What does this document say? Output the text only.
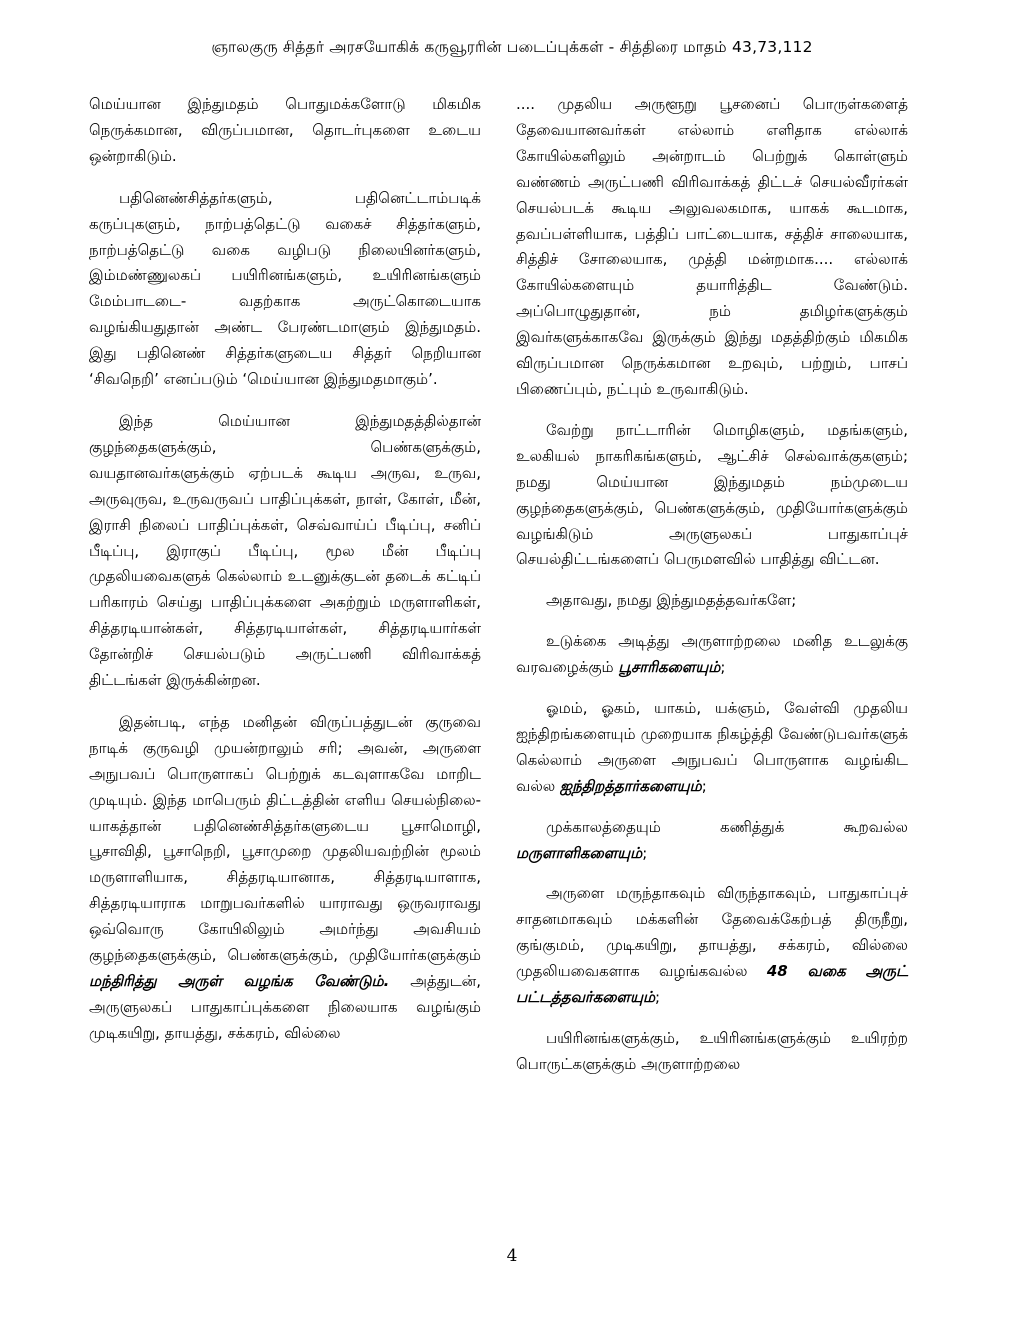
ஞாலகுரு சித்தர் அரசயோகிக் கருவூரரின் படைப்புக்கள் - சித்திரை மாதம் 43,73,112

மெய்யான இந்துமதம் பொதுமக்களோடு மிகமிக நெருக்கமான, விருப்பமான, தொடர்புகளை உடைய ஒன்றாகிடும்.

பதினெண்சித்தர்களும், பதினெட்டாம்படிக் கருப்புகளும், நாற்பத்தெட்டு வகைச் சித்தர்களும், நாற்பத்தெட்டு வகை வழிபடு நிலையினர்களும், இம்மண்ணுலகப் பயிரினங்களும், உயிரினங்களும் மேம்பாடடை- வதற்காக அருட்கொடையாக வழங்கியதுதான் அண்ட பேரண்டமாளும் இந்துமதம். இது பதினெண் சித்தர்களுடைய சித்தர் நெறியான ‘சிவநெறி’ எனப்படும் ‘மெய்யான இந்துமதமாகும்’.

இந்த மெய்யான இந்துமதத்தில்தான் குழந்தைகளுக்கும், பெண்களுக்கும், வயதானவர்களுக்கும் ஏற்படக் கூடிய அருவ, உருவ, அருவுருவ, உருவருவப் பாதிப்புக்கள், நாள், கோள், மீன், இராசி நிலைப் பாதிப்புக்கள், செவ்வாய்ப் பீடிப்பு, சனிப் பீடிப்பு, இராகுப் பீடிப்பு, மூல மீன் பீடிப்பு முதலியவைகளுக் கெல்லாம் உடனுக்குடன் தடைக் கட்டிப் பரிகாரம் செய்து பாதிப்புக்களை அகற்றும் மருளாளிகள், சித்தரடியான்கள், சித்தரடியாள்கள், சித்தரடியார்கள் தோன்றிச் செயல்படும் அருட்பணி விரிவாக்கத் திட்டங்கள் இருக்கின்றன.

இதன்படி, எந்த மனிதன் விருப்பத்துடன் குருவை நாடிக் குருவழி முயன்றாலும் சரி; அவன், அருளை அநுபவப் பொருளாகப் பெற்றுக் கடவுளாகவே மாறிட முடியும். இந்த மாபெரும் திட்டத்தின் எளிய செயல்நிலை- யாகத்தான் பதினெண்சித்தர்களுடைய பூசாமொழி, பூசாவிதி, பூசாநெறி, பூசாமுறை முதலியவற்றின் மூலம் மருளாளியாக, சித்தரடியானாக, சித்தரடியாளாக, சித்தரடியாராக மாறுபவர்களில் யாராவது ஒருவராவது ஒவ்வொரு கோயிலிலும் அமர்ந்து அவசியம் குழந்தைகளுக்கும், பெண்களுக்கும், முதியோர்களுக்கும் மந்திரித்து அருள் வழங்க வேண்டும். அத்துடன், அருளுலகப் பாதுகாப்புக்களை நிலையாக வழங்கும் முடிகயிறு, தாயத்து, சக்கரம், வில்லை

.... முதலிய அருளூறு பூசனைப் பொருள்களைத் தேவையானவர்கள் எல்லாம் எளிதாக எல்லாக் கோயில்களிலும் அன்றாடம் பெற்றுக் கொள்ளும் வண்ணம் அருட்பணி விரிவாக்கத் திட்டச் செயல்வீரர்கள் செயல்படக் கூடிய அலுவலகமாக, யாகக் கூடமாக, தவப்பள்ளியாக, பத்திப் பாட்டையாக, சத்திச் சாலையாக, சித்திச் சோலையாக, முத்தி மன்றமாக.... எல்லாக் கோயில்களையும் தயாரித்திட வேண்டும். அப்பொழுதுதான், நம் தமிழர்களுக்கும் இவர்களுக்காகவே இருக்கும் இந்து மதத்திற்கும் மிகமிக விருப்பமான நெருக்கமான உறவும், பற்றும், பாசப் பிணைப்பும், நட்பும் உருவாகிடும்.

வேற்று நாட்டாரின் மொழிகளும், மதங்களும், உலகியல் நாகரிகங்களும், ஆட்சிச் செல்வாக்குகளும்; நமது மெய்யான இந்துமதம் நம்முடைய குழந்தைகளுக்கும், பெண்களுக்கும், முதியோர்களுக்கும் வழங்கிடும் அருளுலகப் பாதுகாப்புச் செயல்திட்டங்களைப் பெருமளவில் பாதித்து விட்டன.

அதாவது, நமது இந்துமதத்தவர்களே;

உடுக்கை அடித்து அருளாற்றலை மனித உடலுக்கு வரவழைக்கும் பூசாரிகளையும்;

ஓமம், ஓகம், யாகம், யக்ஞம், வேள்வி முதலிய ஐந்திறங்களையும் முறையாக நிகழ்த்தி வேண்டுபவர்களுக் கெல்லாம் அருளை அநுபவப் பொருளாக வழங்கிட வல்ல ஐந்திறத்தார்களையும்;

முக்காலத்தையும் கணித்துக் கூறவல்ல மருளாளிகளையும்;

அருளை மருந்தாகவும் விருந்தாகவும், பாதுகாப்புச் சாதனமாகவும் மக்களின் தேவைக்கேற்பத் திருநீறு, குங்குமம், முடிகயிறு, தாயத்து, சக்கரம், வில்லை முதலியவைகளாக வழங்கவல்ல 48 வகை அருட் பட்டத்தவர்களையும்;

பயிரினங்களுக்கும், உயிரினங்களுக்கும் உயிரற்ற பொருட்களுக்கும் அருளாற்றலை

4
